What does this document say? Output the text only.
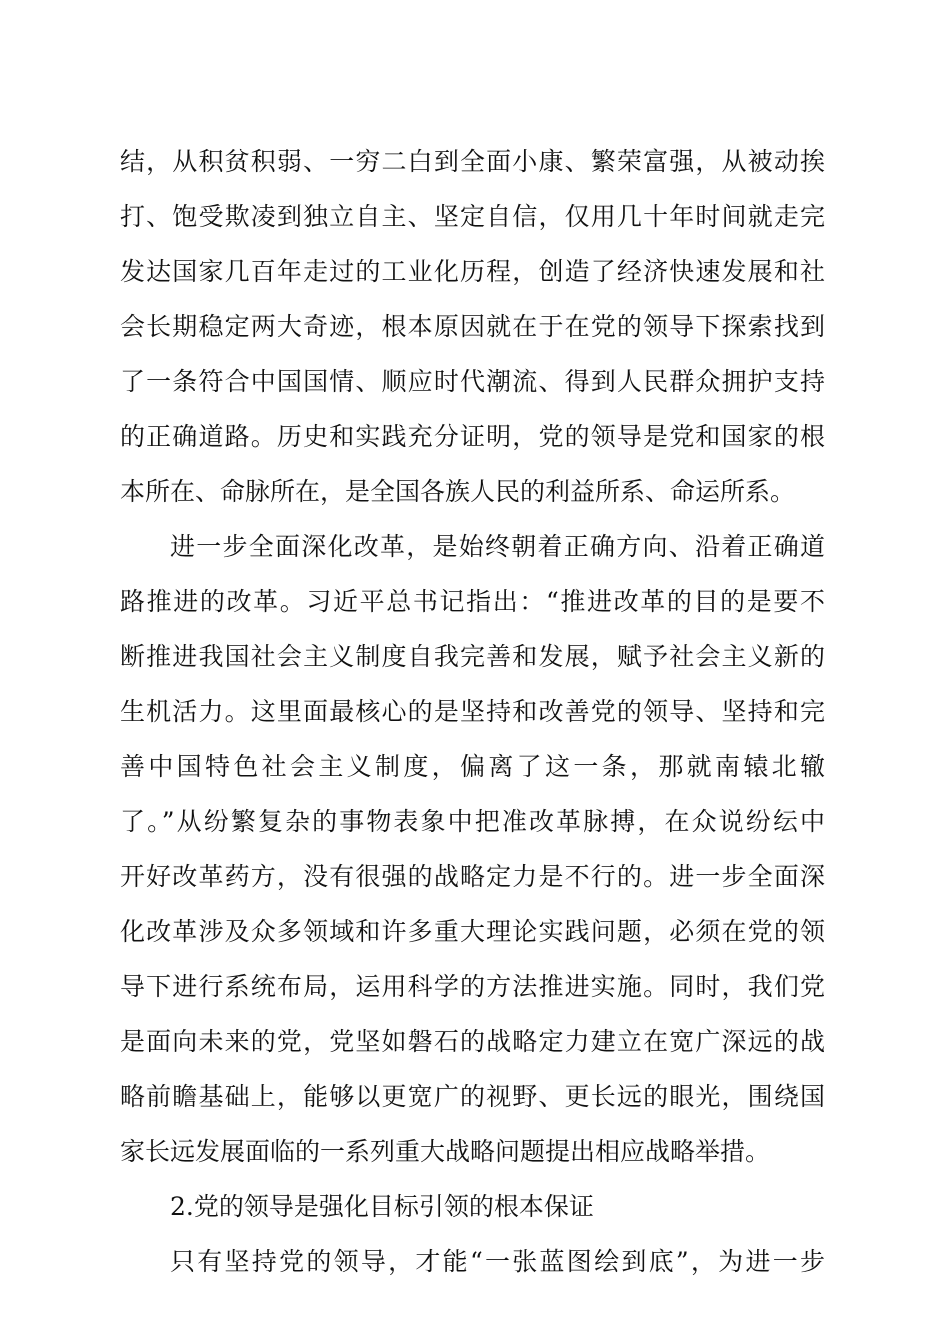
结，从积贫积弱、一穷二白到全面小康、繁荣富强，从被动挨
打、饱受欺凌到独立自主、坚定自信，仅用几十年时间就走完
发达国家几百年走过的工业化历程，创造了经济快速发展和社
会长期稳定两大奇迹，根本原因就在于在党的领导下探索找到
了一条符合中国国情、顺应时代潮流、得到人民群众拥护支持
的正确道路。历史和实践充分证明，党的领导是党和国家的根
本所在、命脉所在，是全国各族人民的利益所系、命运所系。
进一步全面深化改革，是始终朝着正确方向、沿着正确道
路推进的改革。习近平总书记指出：“推进改革的目的是要不
断推进我国社会主义制度自我完善和发展，赋予社会主义新的
生机活力。这里面最核心的是坚持和改善党的领导、坚持和完
善中国特色社会主义制度，偏离了这一条，那就南辕北辙
了。”从纷繁复杂的事物表象中把准改革脉搏，在众说纷纭中
开好改革药方，没有很强的战略定力是不行的。进一步全面深
化改革涉及众多领域和许多重大理论实践问题，必须在党的领
导下进行系统布局，运用科学的方法推进实施。同时，我们党
是面向未来的党，党坚如磐石的战略定力建立在宽广深远的战
略前瞻基础上，能够以更宽广的视野、更长远的眼光，围绕国
家长远发展面临的一系列重大战略问题提出相应战略举措。
2.党的领导是强化目标引领的根本保证
只有坚持党的领导，才能“一张蓝图绘到底”，为进一步
